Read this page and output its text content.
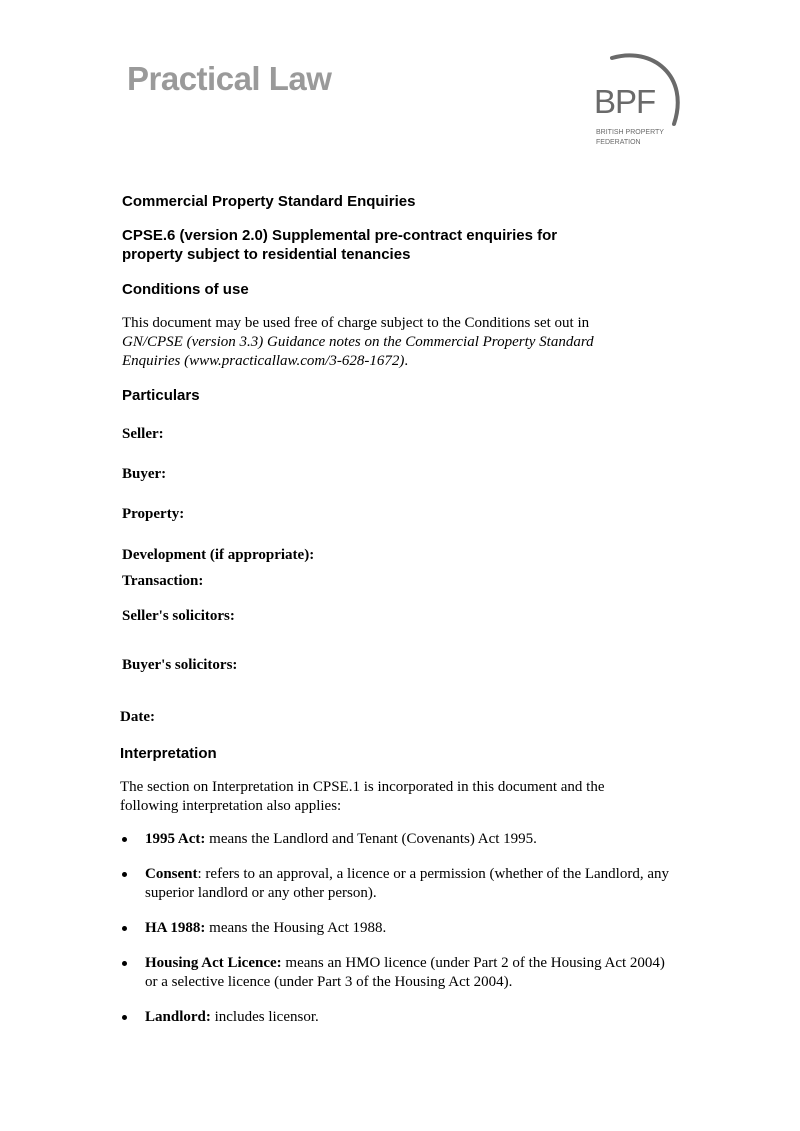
Practical Law
BPF
BRITISH PROPERTY
FEDERATION
Commercial Property Standard Enquiries
CPSE.6 (version 2.0) Supplemental pre-contract enquiries for
property subject to residential tenancies
Conditions of use
This document may be used free of charge subject to the Conditions set out in
GN/CPSE (version 3.3) Guidance notes on the Commercial Property Standard
Enquiries (www.practicallaw.com/3-628-1672).
Particulars
Seller:
Buyer:
Property:
Development (if appropriate):
Transaction:
Seller's solicitors:
Buyer's solicitors:
Date:
Interpretation
The section on Interpretation in CPSE.1 is incorporated in this document and the
following interpretation also applies:
1995 Act: means the Landlord and Tenant (Covenants) Act 1995.
Consent: refers to an approval, a licence or a permission (whether of the Landlord, any superior landlord or any other person).
HA 1988: means the Housing Act 1988.
Housing Act Licence: means an HMO licence (under Part 2 of the Housing Act 2004) or a selective licence (under Part 3 of the Housing Act 2004).
Landlord: includes licensor.
